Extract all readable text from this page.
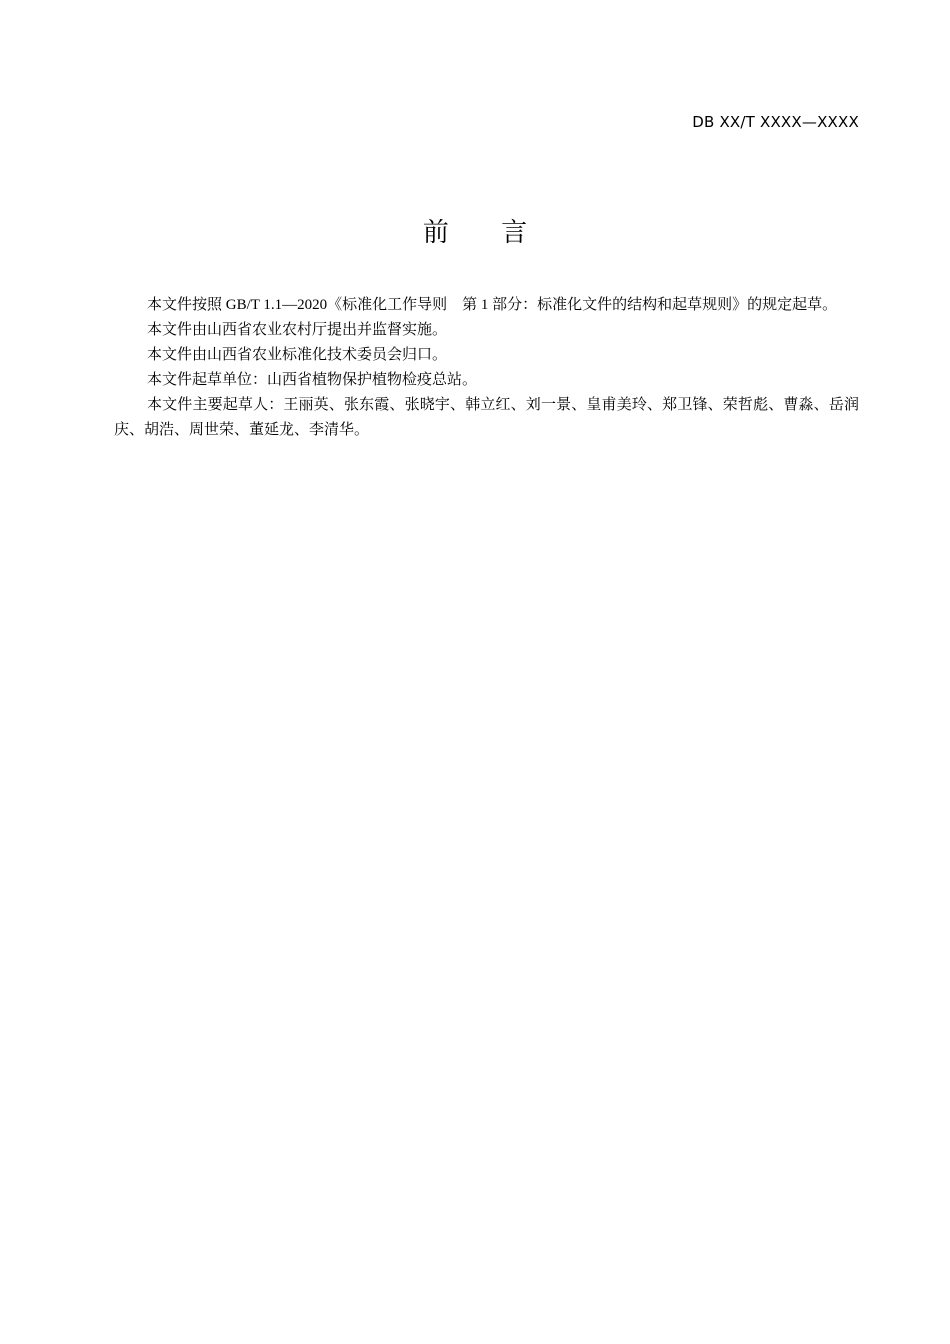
DB XX/T XXXX—XXXX
前 言

本文件按照 GB/T 1.1—2020《标准化工作导则　第 1 部分：标准化文件的结构和起草规则》的规定起草。

本文件由山西省农业农村厅提出并监督实施。

本文件由山西省农业标准化技术委员会归口。

本文件起草单位：山西省植物保护植物检疫总站。

本文件主要起草人：王丽英、张东霞、张晓宇、韩立红、刘一景、皇甫美玲、郑卫锋、荣哲彪、曹淼、岳润庆、胡浩、周世荣、董延龙、李清华。
